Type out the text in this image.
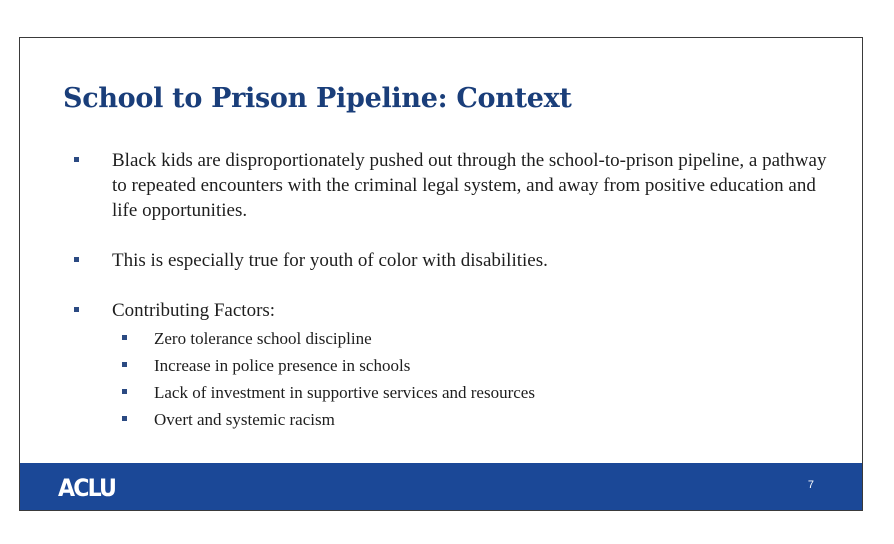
School to Prison Pipeline: Context
Black kids are disproportionately pushed out through the school-to-prison pipeline, a pathway to repeated encounters with the criminal legal system, and away from positive education and life opportunities.
This is especially true for youth of color with disabilities.
Contributing Factors:
Zero tolerance school discipline
Increase in police presence in schools
Lack of investment in supportive services and resources
Overt and systemic racism
ACLU	7
